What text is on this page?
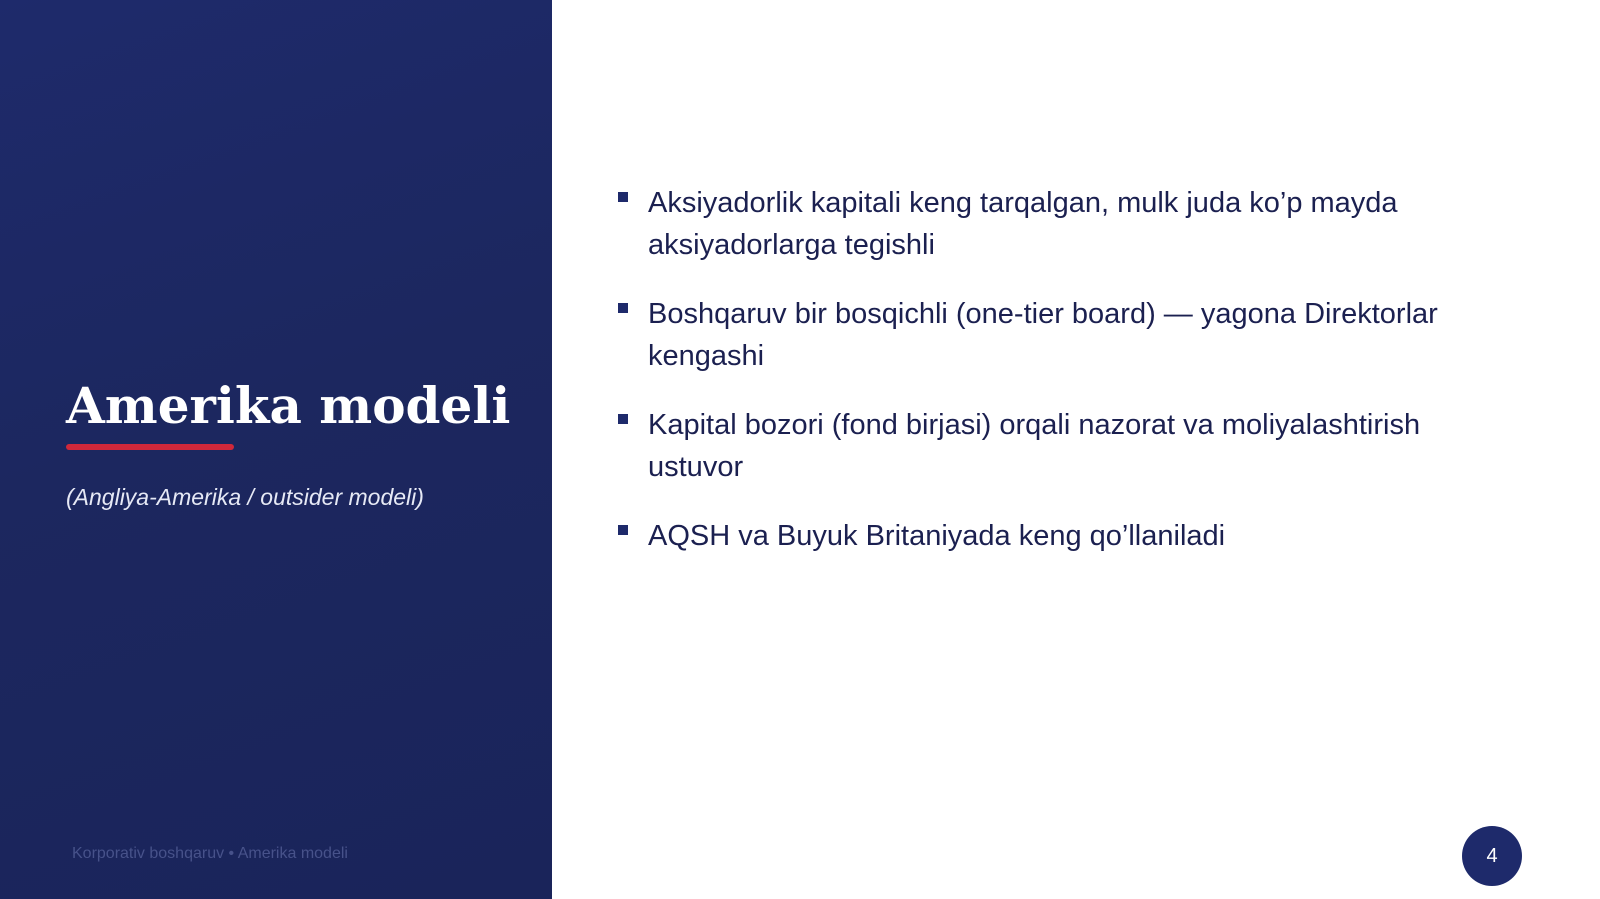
Amerika modeli

(Angliya-Amerika / outsider modeli)

Korporativ boshqaruv • Amerika modeli
Aksiyadorlik kapitali keng tarqalgan, mulk juda ko’p mayda aksiyadorlarga tegishli
Boshqaruv bir bosqichli (one-tier board) — yagona Direktorlar kengashi
Kapital bozori (fond birjasi) orqali nazorat va moliyalashtirish ustuvor
AQSH va Buyuk Britaniyada keng qo’llaniladi
4
